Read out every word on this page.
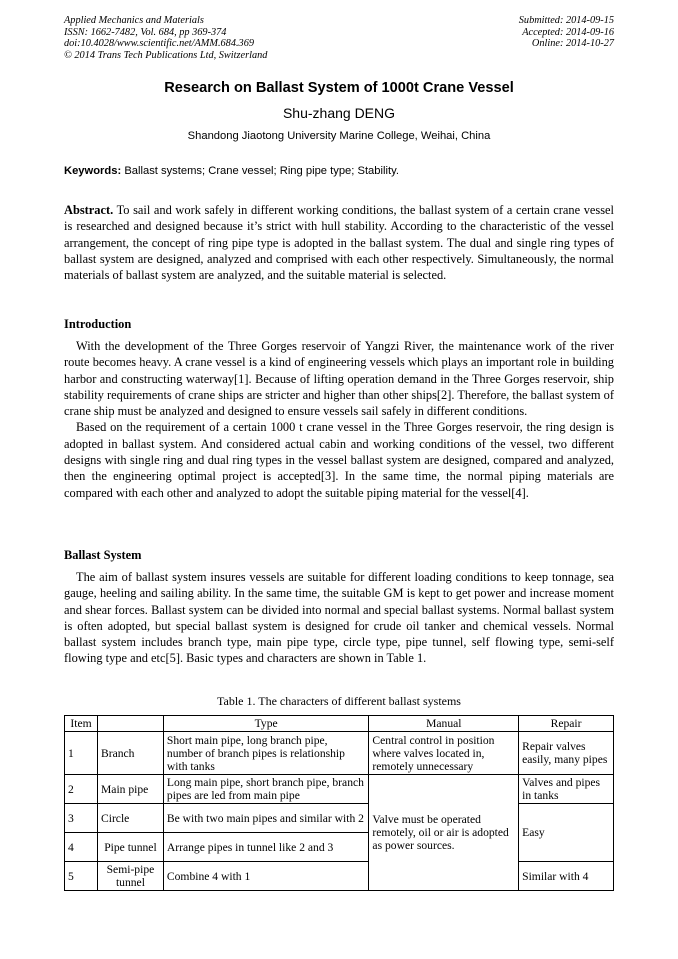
Applied Mechanics and Materials
ISSN: 1662-7482, Vol. 684, pp 369-374
doi:10.4028/www.scientific.net/AMM.684.369
© 2014 Trans Tech Publications Ltd, Switzerland
Submitted: 2014-09-15
Accepted: 2014-09-16
Online: 2014-10-27
Research on Ballast System of 1000t Crane Vessel
Shu-zhang DENG
Shandong Jiaotong University Marine College, Weihai, China
Keywords: Ballast systems; Crane vessel; Ring pipe type; Stability.

Abstract. To sail and work safely in different working conditions, the ballast system of a certain crane vessel is researched and designed because it’s strict with hull stability. According to the characteristic of the vessel arrangement, the concept of ring pipe type is adopted in the ballast system. The dual and single ring types of ballast system are designed, analyzed and comprised with each other respectively. Simultaneously, the normal materials of ballast system are analyzed, and the suitable material is selected.

Introduction

With the development of the Three Gorges reservoir of Yangzi River, the maintenance work of the river route becomes heavy. A crane vessel is a kind of engineering vessels which plays an important role in building harbor and constructing waterway[1]. Because of lifting operation demand in the Three Gorges reservoir, ship stability requirements of crane ships are stricter and higher than other ships[2]. Therefore, the ballast system of crane ship must be analyzed and designed to ensure vessels sail safely in different conditions.

Based on the requirement of a certain 1000 t crane vessel in the Three Gorges reservoir, the ring design is adopted in ballast system. And considered actual cabin and working conditions of the vessel, two different designs with single ring and dual ring types in the vessel ballast system are designed, compared and analyzed, then the engineering optimal project is accepted[3]. In the same time, the normal piping materials are compared with each other and analyzed to adopt the suitable piping material for the vessel[4].

Ballast System

The aim of ballast system insures vessels are suitable for different loading conditions to keep tonnage, sea gauge, heeling and sailing ability. In the same time, the suitable GM is kept to get power and increase moment and shear forces. Ballast system can be divided into normal and special ballast systems. Normal ballast system is often adopted, but special ballast system is designed for crude oil tanker and chemical vessels. Normal ballast system includes branch type, main pipe type, circle type, pipe tunnel, self flowing type, semi-self flowing type and etc[5]. Basic types and characters are shown in Table 1.

Table 1. The characters of different ballast systems
Item		Type	Manual	Repair
1	Branch	Short main pipe, long branch pipe, number of branch pipes is relationship with tanks	Central control in position where valves located in, remotely unnecessary	Repair valves easily, many pipes
2	Main pipe	Long main pipe, short branch pipe, branch pipes are led from main pipe	Valve must be operated remotely, oil or air is adopted as power sources.	Valves and pipes in tanks
3	Circle	Be with two main pipes and similar with 2		Easy
4	Pipe tunnel	Arrange pipes in tunnel like 2 and 3		
5	Semi-pipe tunnel	Combine 4 with 1		Similar with 4
